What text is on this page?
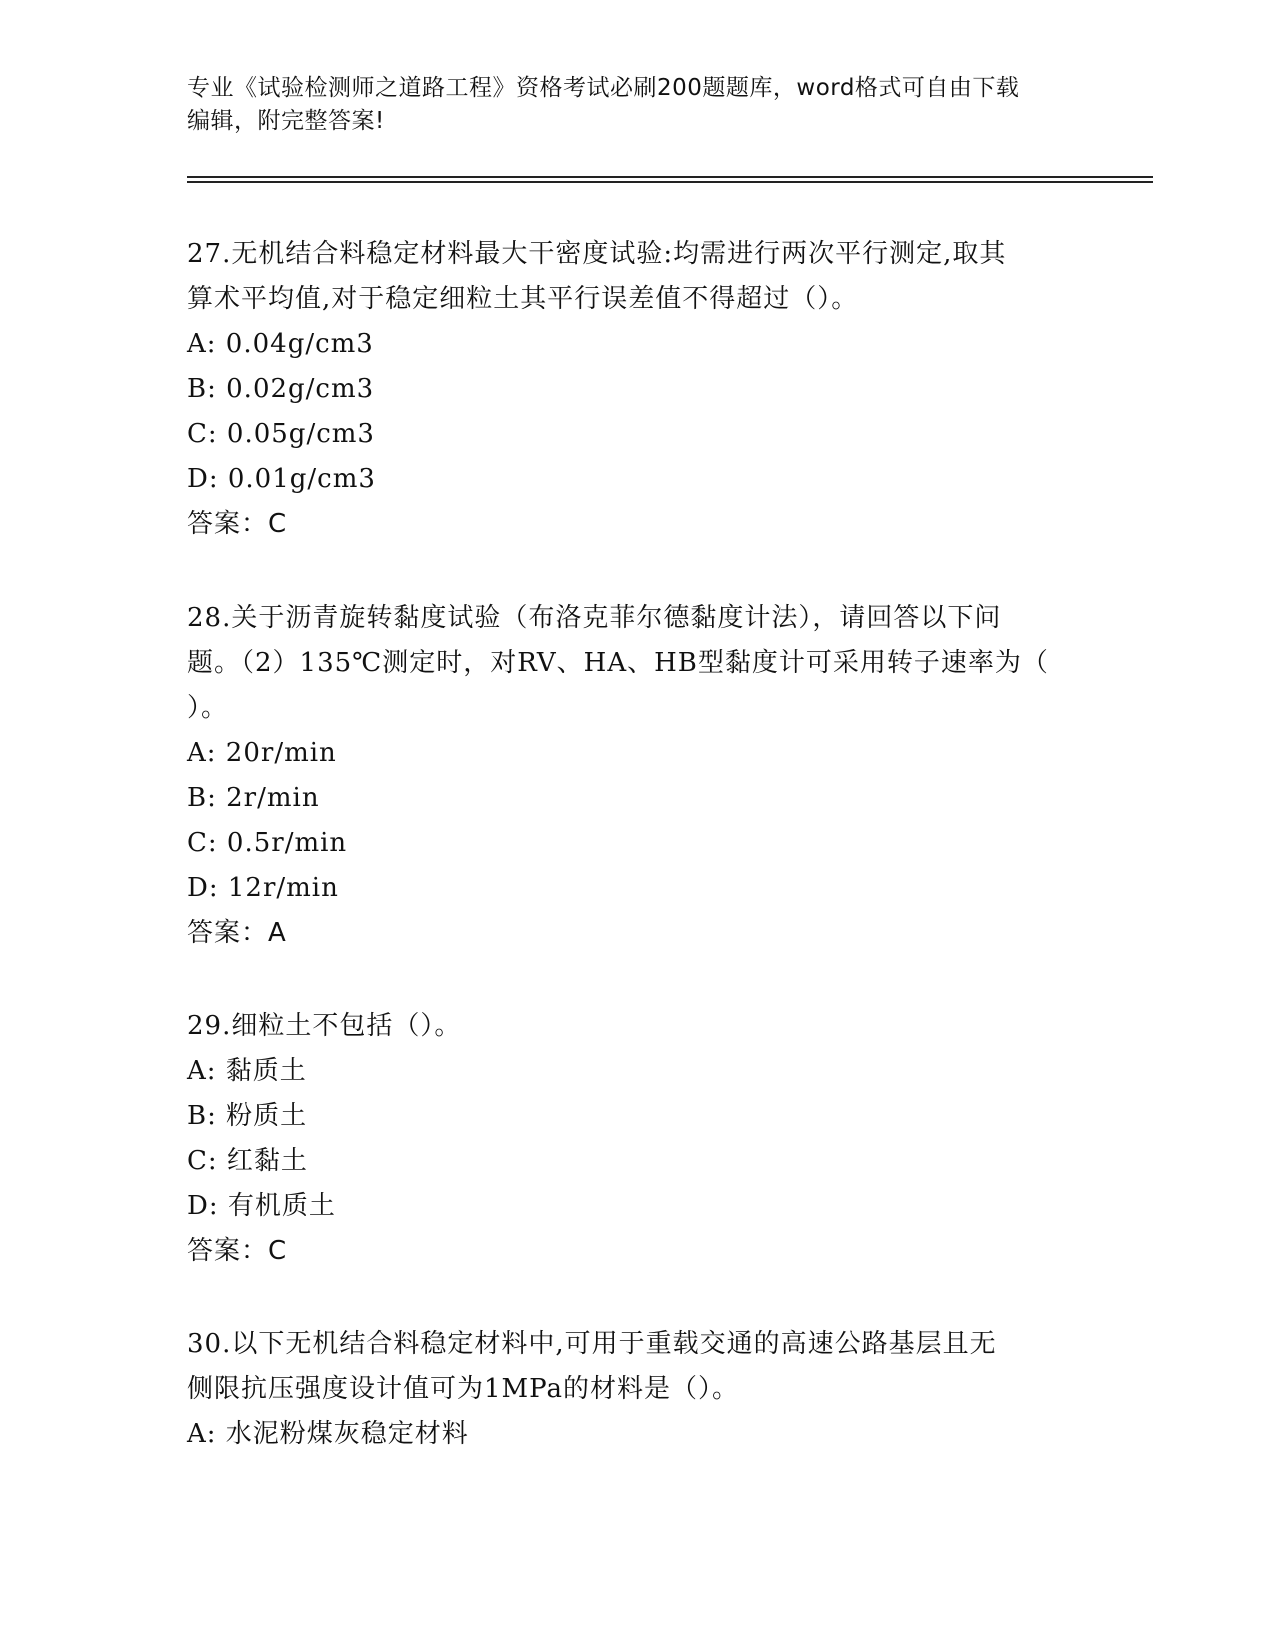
专业《试验检测师之道路工程》资格考试必刷200题题库，word格式可自由下载
编辑，附完整答案!
27.无机结合料稳定材料最大干密度试验:均需进行两次平行测定,取其
算术平均值,对于稳定细粒土其平行误差值不得超过（）。
A: 0.04g/cm3
B: 0.02g/cm3
C: 0.05g/cm3
D: 0.01g/cm3
答案：C
28.关于沥青旋转黏度试验（布洛克菲尔德黏度计法），请回答以下问
题。（2）135℃测定时，对RV、HA、HB型黏度计可采用转子速率为（
）。
A: 20r/min
B: 2r/min
C: 0.5r/min
D: 12r/min
答案：A
29.细粒土不包括（）。
A: 黏质土
B: 粉质土
C: 红黏土
D: 有机质土
答案：C
30.以下无机结合料稳定材料中,可用于重载交通的高速公路基层且无
侧限抗压强度设计值可为1MPa的材料是（）。
A: 水泥粉煤灰稳定材料
